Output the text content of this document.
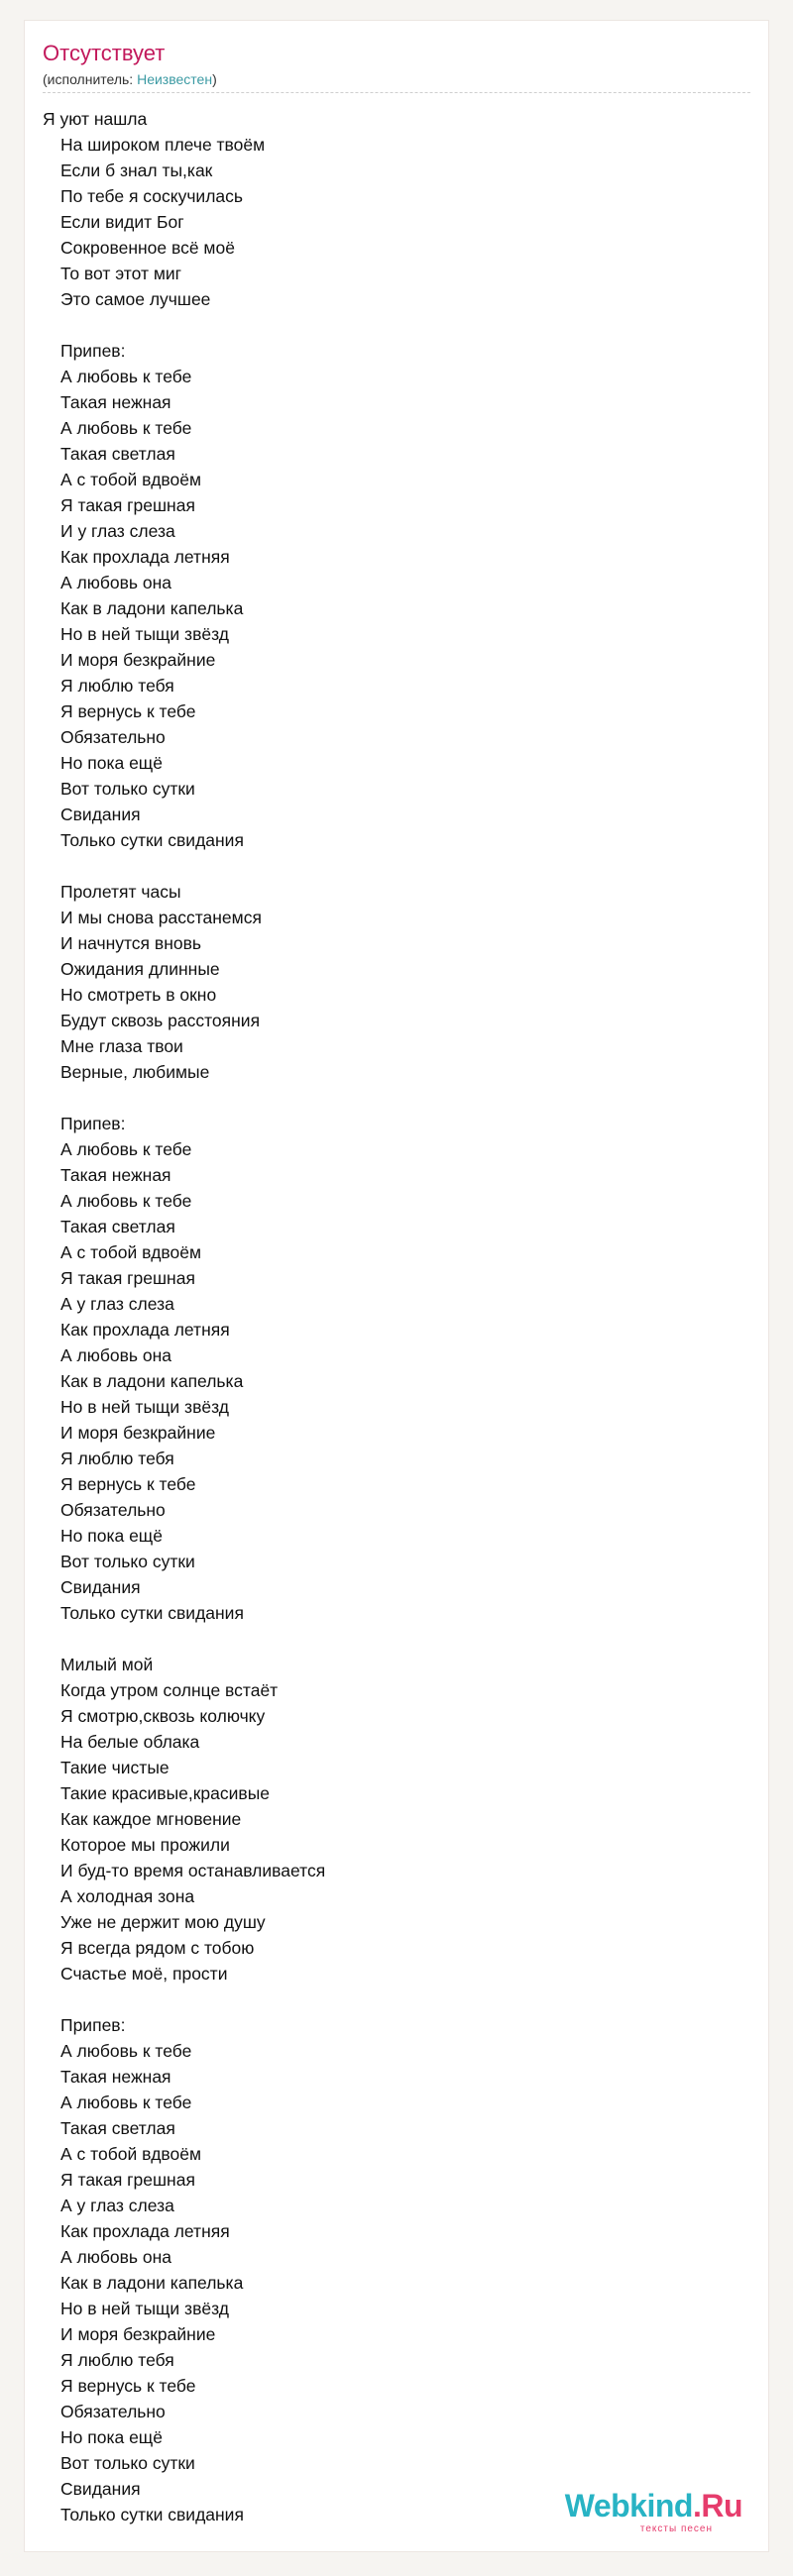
Отсутствует
(исполнитель: Неизвестен)
Я уют нашла
На широком плече твоём
Если б знал ты,как
По тебе я соскучилась
Если видит Бог
Сокровенное всё моё
То вот этот миг
Это самое лучшее
Припев:
А любовь к тебе
Такая нежная
А любовь к тебе
Такая светлая
А с тобой вдвоём
Я такая грешная
И у глаз слеза
Как прохлада летняя
А любовь она
Как в ладони капелька
Но в ней тыщи звёзд
И моря безкрайние
Я люблю тебя
Я вернусь к тебе
Обязательно
Но пока ещё
Вот только сутки
Свидания
Только сутки свидания
Пролетят часы
И мы снова расстанемся
И начнутся вновь
Ожидания длинные
Но смотреть в окно
Будут сквозь расстояния
Мне глаза твои
Верные, любимые
Припев:
А любовь к тебе
Такая нежная
А любовь к тебе
Такая светлая
А с тобой вдвоём
Я такая грешная
А у глаз слеза
Как прохлада летняя
А любовь она
Как в ладони капелька
Но в ней тыщи звёзд
И моря безкрайние
Я люблю тебя
Я вернусь к тебе
Обязательно
Но пока ещё
Вот только сутки
Свидания
Только сутки свидания
Милый мой
Когда утром солнце встаёт
Я смотрю,сквозь колючку
На белые облака
Такие чистые
Такие красивые,красивые
Как каждое мгновение
Которое мы прожили
И буд-то время останавливается
А холодная зона
Уже не держит мою душу
Я всегда рядом с тобою
Счастье моё, прости
Припев:
А любовь к тебе
Такая нежная
А любовь к тебе
Такая светлая
А с тобой вдвоём
Я такая грешная
А у глаз слеза
Как прохлада летняя
А любовь она
Как в ладони капелька
Но в ней тыщи звёзд
И моря безкрайние
Я люблю тебя
Я вернусь к тебе
Обязательно
Но пока ещё
Вот только сутки
Свидания
Только сутки свидания	Webkind.Ru
тексты песен
